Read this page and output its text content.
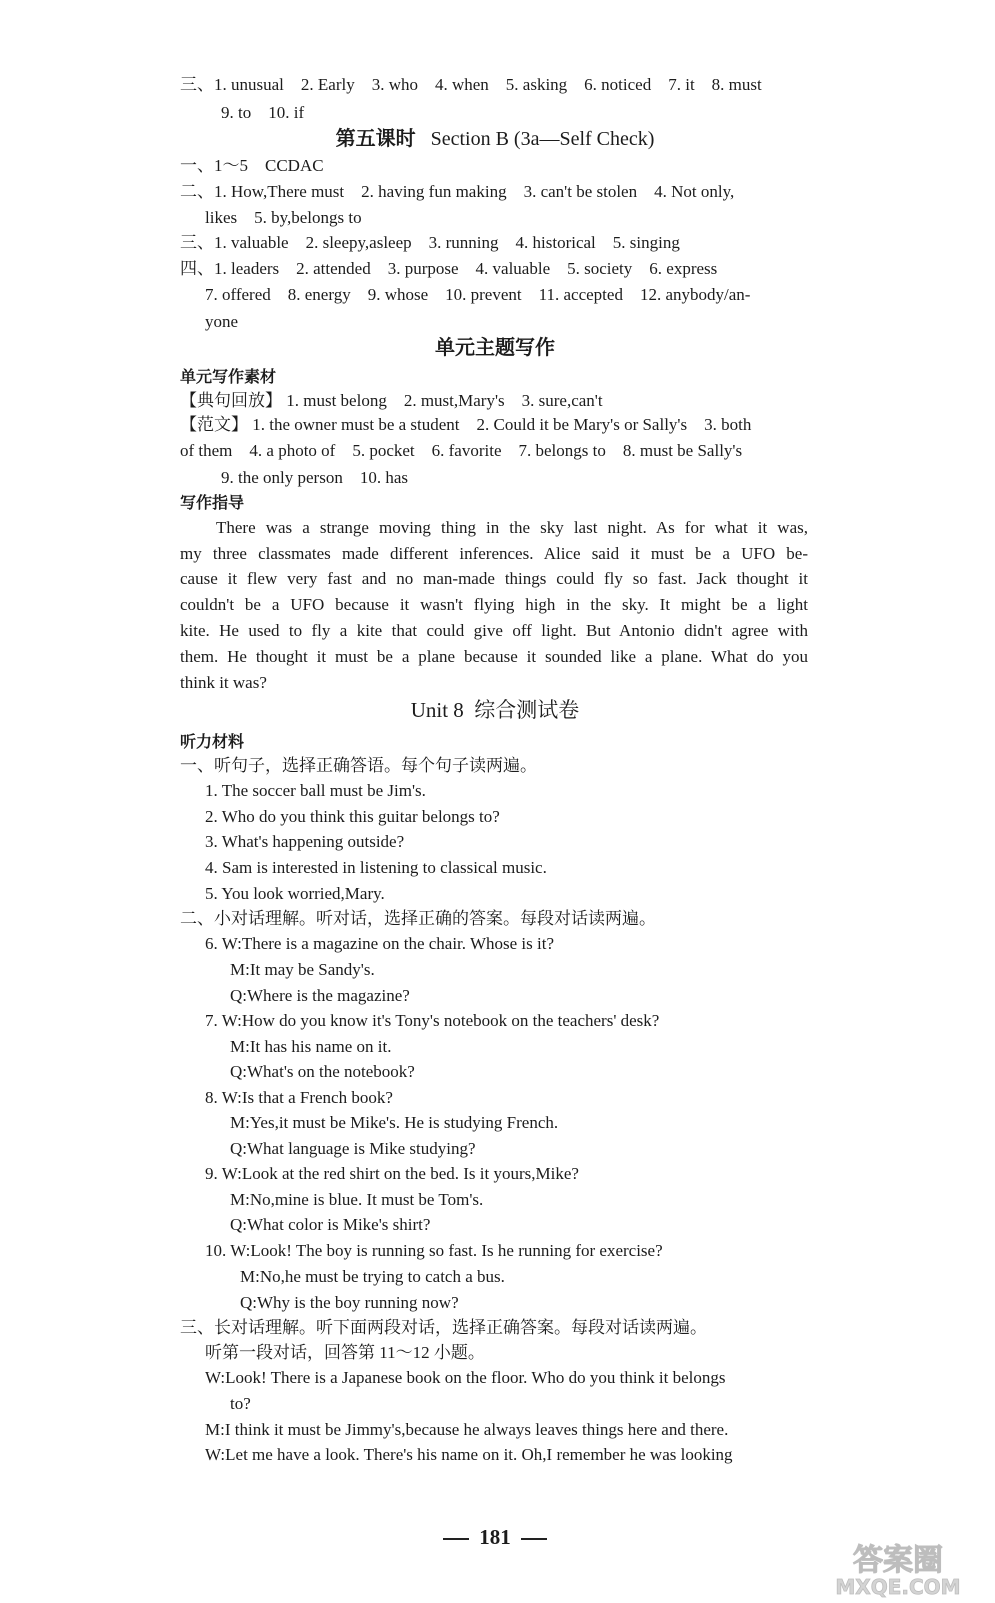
三、1. unusual　2. Early　3. who　4. when　5. asking　6. noticed　7. it　8. must
9. to　10. if
第五课时 Section B (3a—Self Check)
一、1～5　CCDAC
二、1. How,There must　2. having fun making　3. can't be stolen　4. Not only,
likes　5. by,belongs to
三、1. valuable　2. sleepy,asleep　3. running　4. historical　5. singing
四、1. leaders　2. attended　3. purpose　4. valuable　5. society　6. express
7. offered　8. energy　9. whose　10. prevent　11. accepted　12. anybody/an-
yone
单元主题写作
单元写作素材
【典句回放】 1. must belong　2. must,Mary's　3. sure,can't
【范文】 1. the owner must be a student　2. Could it be Mary's or Sally's　3. both
of them　4. a photo of　5. pocket　6. favorite　7. belongs to　8. must be Sally's
9. the only person　10. has
写作指导
There was a strange moving thing in the sky last night. As for what it was,
my three classmates made different inferences. Alice said it must be a UFO be-
cause it flew very fast and no man-made things could fly so fast. Jack thought it
couldn't be a UFO because it wasn't flying high in the sky. It might be a light
kite. He used to fly a kite that could give off light. But Antonio didn't agree with
them. He thought it must be a plane because it sounded like a plane. What do you
think it was?
Unit 8 综合测试卷
听力材料
一、听句子，选择正确答语。每个句子读两遍。
1. The soccer ball must be Jim's.
2. Who do you think this guitar belongs to?
3. What's happening outside?
4. Sam is interested in listening to classical music.
5. You look worried,Mary.
二、小对话理解。听对话，选择正确的答案。每段对话读两遍。
6. W:There is a magazine on the chair. Whose is it?
M:It may be Sandy's.
Q:Where is the magazine?
7. W:How do you know it's Tony's notebook on the teachers' desk?
M:It has his name on it.
Q:What's on the notebook?
8. W:Is that a French book?
M:Yes,it must be Mike's. He is studying French.
Q:What language is Mike studying?
9. W:Look at the red shirt on the bed. Is it yours,Mike?
M:No,mine is blue. It must be Tom's.
Q:What color is Mike's shirt?
10. W:Look! The boy is running so fast. Is he running for exercise?
M:No,he must be trying to catch a bus.
Q:Why is the boy running now?
三、长对话理解。听下面两段对话，选择正确答案。每段对话读两遍。
听第一段对话，回答第 11～12 小题。
W:Look! There is a Japanese book on the floor. Who do you think it belongs
to?
M:I think it must be Jimmy's,because he always leaves things here and there.
W:Let me have a look. There's his name on it. Oh,I remember he was looking
181
答案圈
MXQE.COM
